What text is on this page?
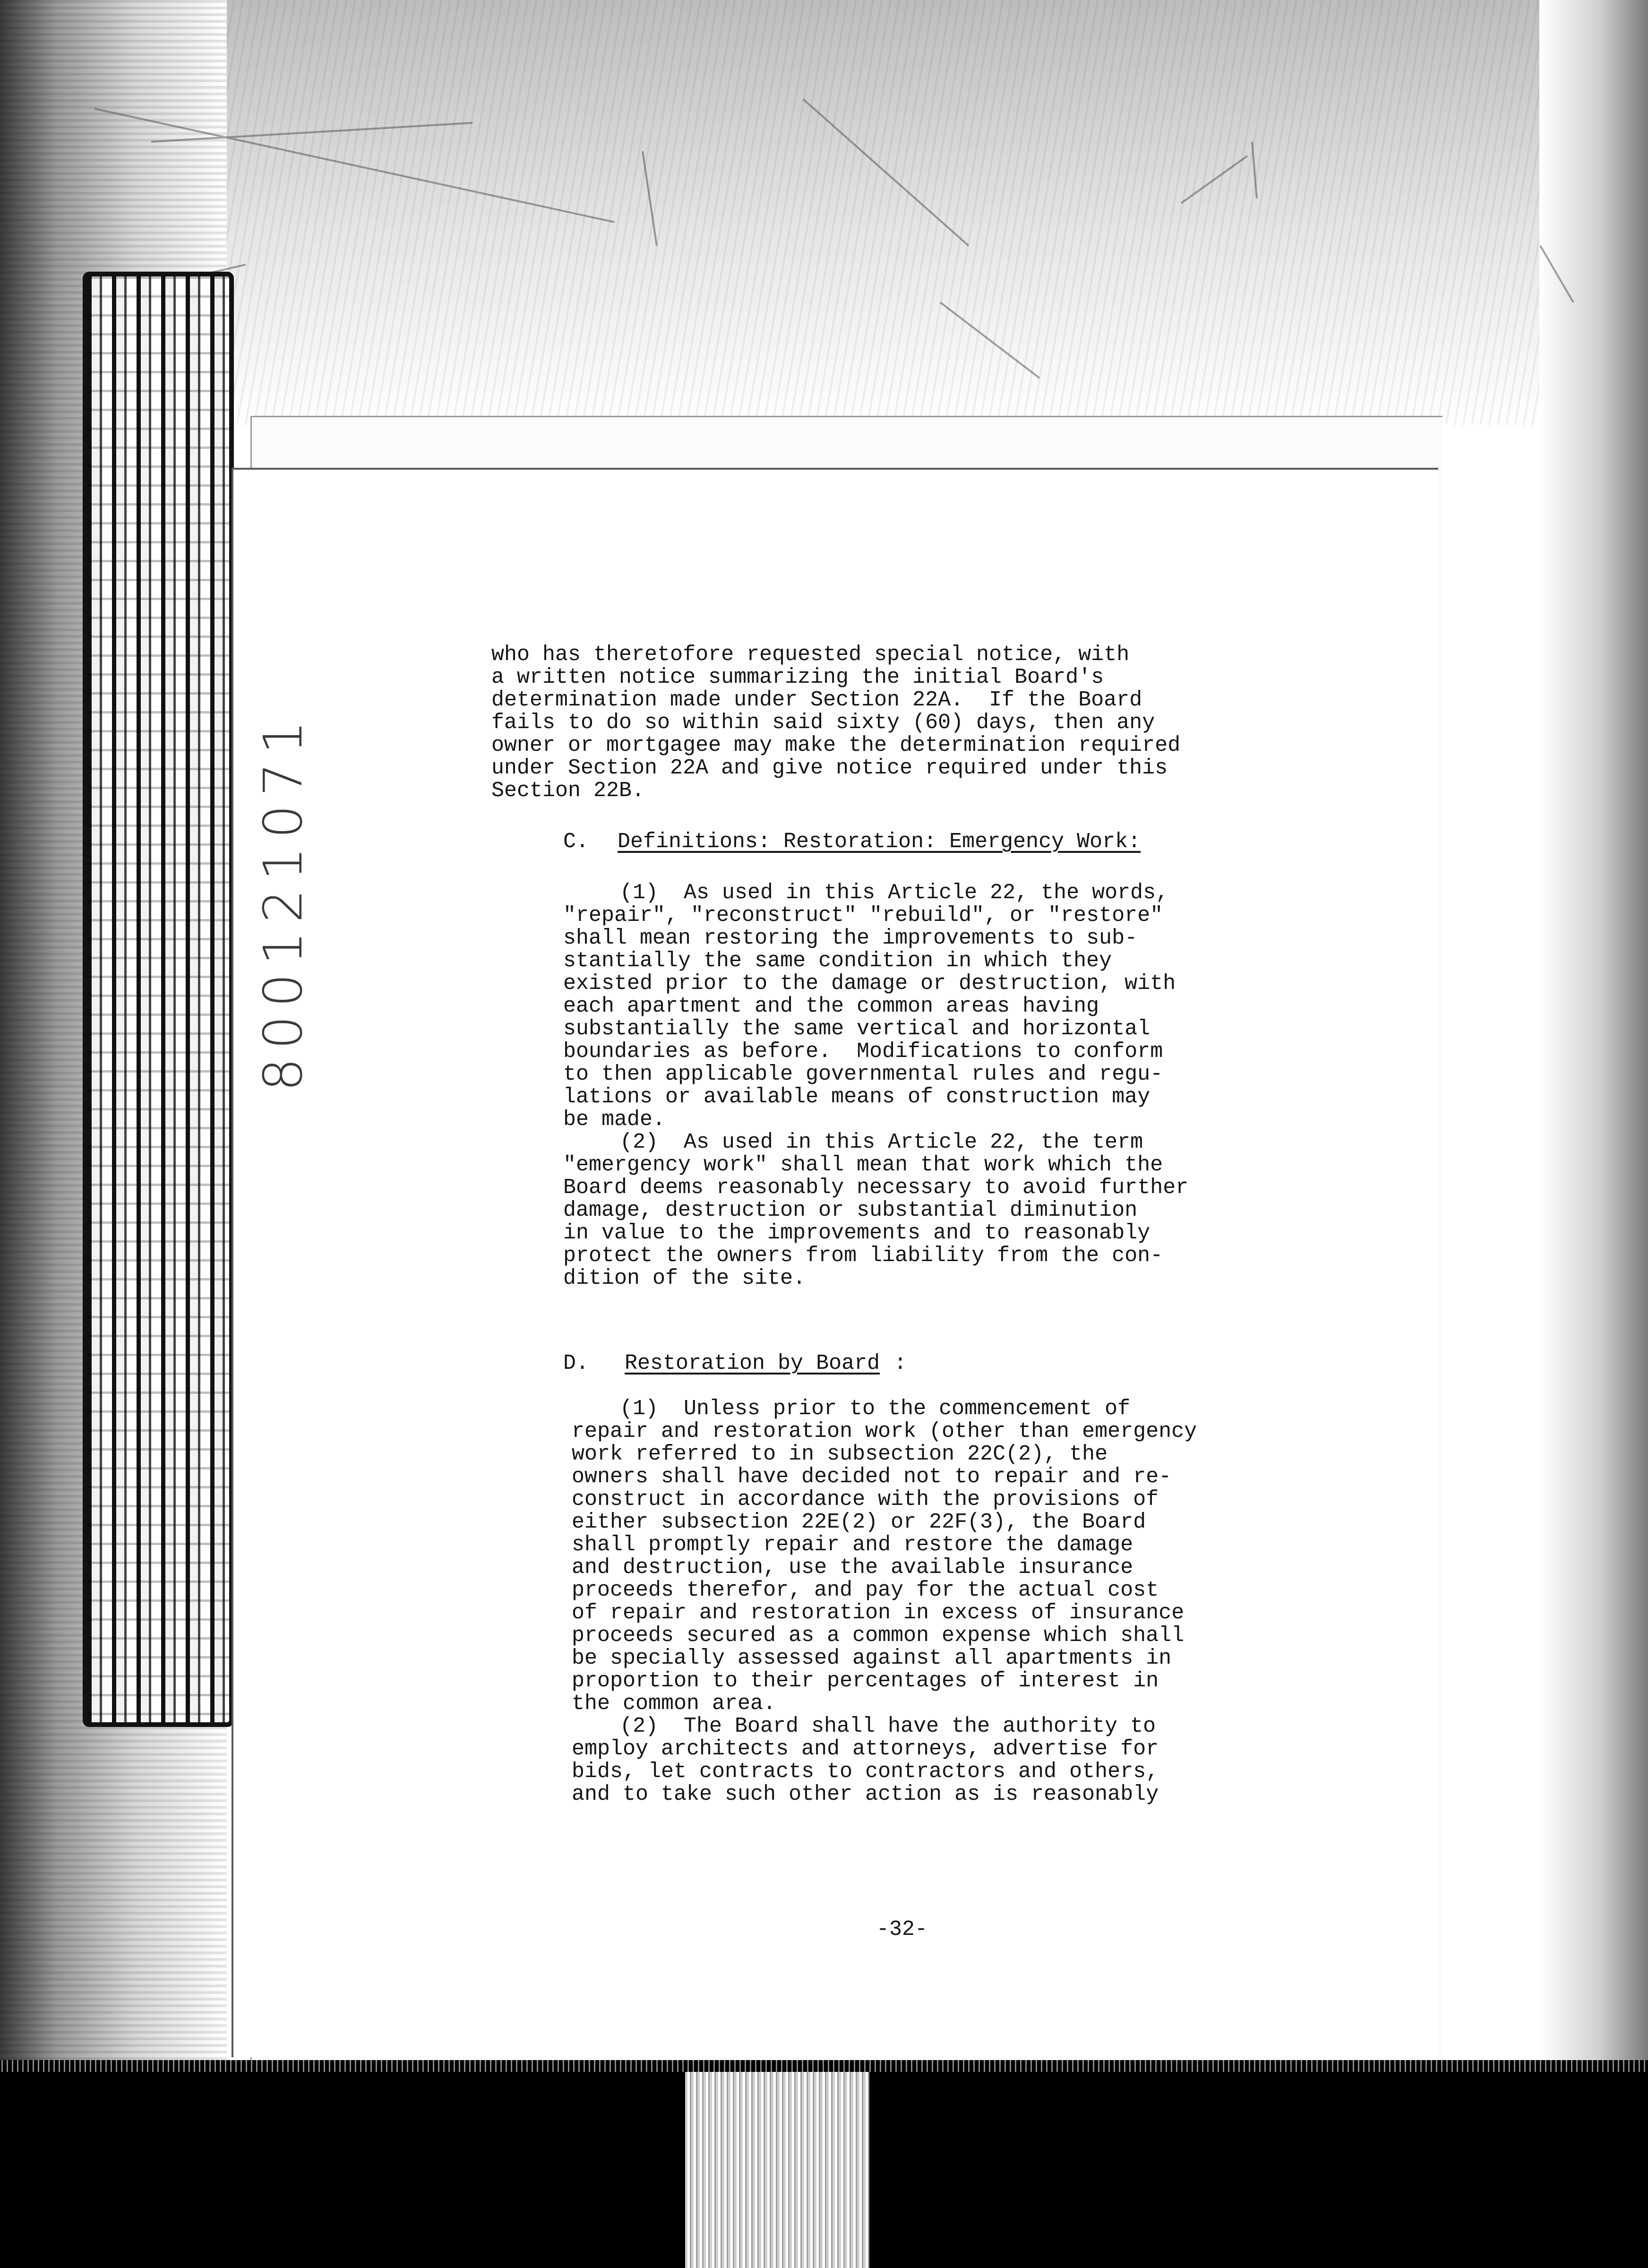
800121071
who has theretofore requested special notice, with
a written notice summarizing the initial Board's
determination made under Section 22A.  If the Board
fails to do so within said sixty (60) days, then any
owner or mortgagee may make the determination required
under Section 22A and give notice required under this
Section 22B.
C. Definitions: Restoration: Emergency Work:
(1)  As used in this Article 22, the words,
"repair", "reconstruct" "rebuild", or "restore"
shall mean restoring the improvements to sub-
stantially the same condition in which they
existed prior to the damage or destruction, with
each apartment and the common areas having
substantially the same vertical and horizontal
boundaries as before.  Modifications to conform
to then applicable governmental rules and regu-
lations or available means of construction may
be made.
(2)  As used in this Article 22, the term
"emergency work" shall mean that work which the
Board deems reasonably necessary to avoid further
damage, destruction or substantial diminution
in value to the improvements and to reasonably
protect the owners from liability from the con-
dition of the site.
D. Restoration by Board :
(1)  Unless prior to the commencement of
repair and restoration work (other than emergency
work referred to in subsection 22C(2), the
owners shall have decided not to repair and re-
construct in accordance with the provisions of
either subsection 22E(2) or 22F(3), the Board
shall promptly repair and restore the damage
and destruction, use the available insurance
proceeds therefor, and pay for the actual cost
of repair and restoration in excess of insurance
proceeds secured as a common expense which shall
be specially assessed against all apartments in
proportion to their percentages of interest in
the common area.
(2)  The Board shall have the authority to
employ architects and attorneys, advertise for
bids, let contracts to contractors and others,
and to take such other action as is reasonably
-32-
